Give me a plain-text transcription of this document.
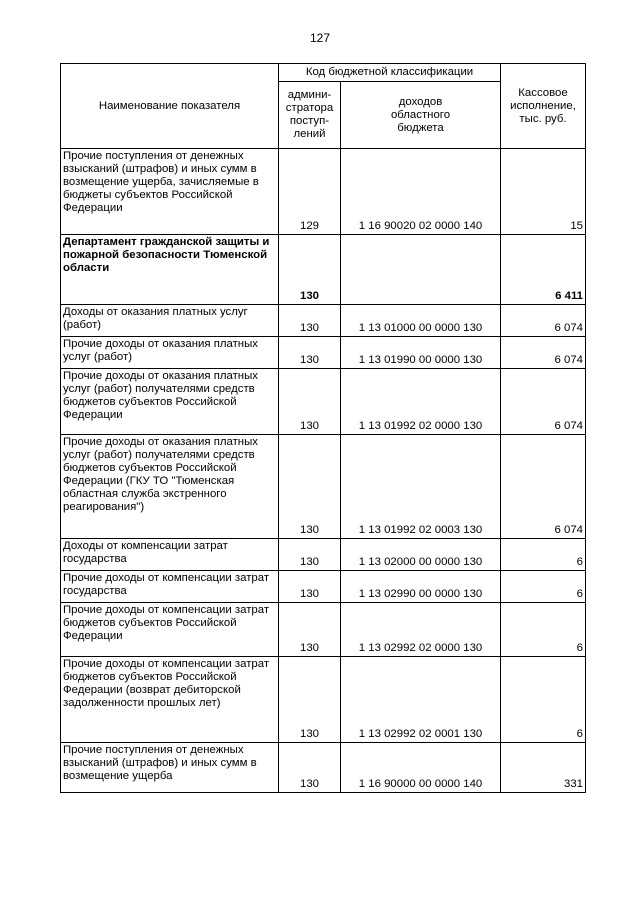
127
Наименование показателя	Код бюджетной классификации		Кассовое
исполнение,
тыс. руб.
	админи-
стратора
поступ-
лений	доходов
областного
бюджета	
Прочие поступления от денежных взысканий (штрафов) и иных сумм в возмещение ущерба, зачисляемые в бюджеты субъектов Российской Федерации	129	1 16 90020 02 0000 140	15
Департамент гражданской защиты и пожарной безопасности Тюменской области	130		6 411
Доходы от оказания платных услуг (работ)	130	1 13 01000 00 0000 130	6 074
Прочие доходы от оказания платных услуг (работ)	130	1 13 01990 00 0000 130	6 074
Прочие доходы от оказания платных услуг (работ) получателями средств бюджетов субъектов Российской Федерации	130	1 13 01992 02 0000 130	6 074
Прочие доходы от оказания платных услуг (работ) получателями средств бюджетов субъектов Российской Федерации (ГКУ ТО "Тюменская областная служба экстренного реагирования")	130	1 13 01992 02 0003 130	6 074
Доходы от компенсации затрат государства	130	1 13 02000 00 0000 130	6
Прочие доходы от компенсации затрат государства	130	1 13 02990 00 0000 130	6
Прочие доходы от компенсации затрат бюджетов субъектов Российской Федерации	130	1 13 02992 02 0000 130	6
Прочие доходы от компенсации затрат бюджетов субъектов Российской Федерации (возврат дебиторской задолженности прошлых лет)	130	1 13 02992 02 0001 130	6
Прочие поступления от денежных взысканий (штрафов) и иных сумм в возмещение ущерба	130	1 16 90000 00 0000 140	331
